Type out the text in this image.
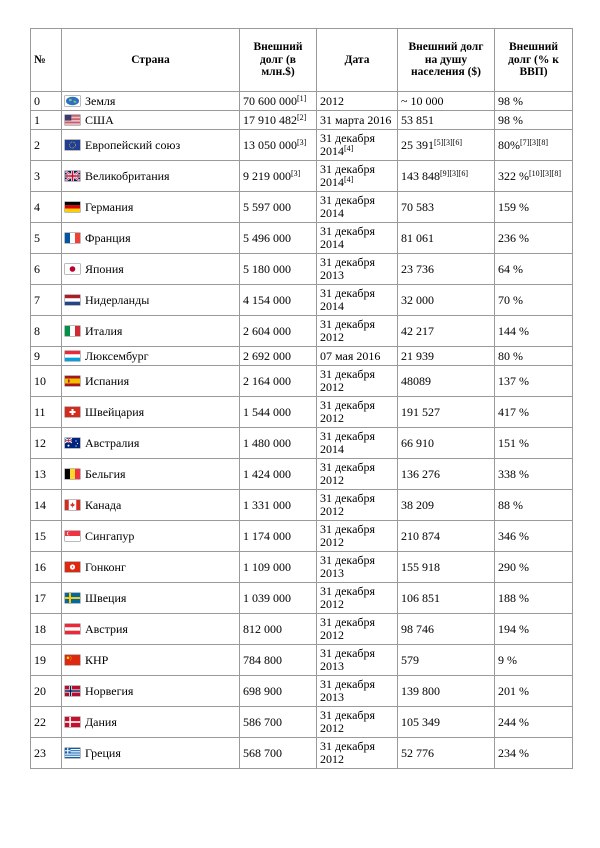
№	Страна	Внешний долг (в млн.$)	Дата	Внешний долг на душу населения ($)	Внешний долг (% к ВВП)
0	Земля	70 600 000[1]	2012	~ 10 000	98 %
1	США	17 910 482[2]	31 марта 2016	53 851	98 %
2	Европейский союз	13 050 000[3]	31 декабря 2014[4]	25 391[5][3][6]	80%[7][3][8]
3	Великобритания	9 219 000[3]	31 декабря 2014[4]	143 848[9][3][6]	322 %[10][3][8]
4	Германия	5 597 000	31 декабря 2014	70 583	159 %
5	Франция	5 496 000	31 декабря 2014	81 061	236 %
6	Япония	5 180 000	31 декабря 2013	23 736	64 %
7	Нидерланды	4 154 000	31 декабря 2014	32 000	70 %
8	Италия	2 604 000	31 декабря 2012	42 217	144 %
9	Люксембург	2 692 000	07 мая 2016	21 939	80 %
10	Испания	2 164 000	31 декабря 2012	48089	137 %
11	Швейцария	1 544 000	31 декабря 2012	191 527	417 %
12	Австралия	1 480 000	31 декабря 2014	66 910	151 %
13	Бельгия	1 424 000	31 декабря 2012	136 276	338 %
14	Канада	1 331 000	31 декабря 2012	38 209	88 %
15	Сингапур	1 174 000	31 декабря 2012	210 874	346 %
16	Гонконг	1 109 000	31 декабря 2013	155 918	290 %
17	Швеция	1 039 000	31 декабря 2012	106 851	188 %
18	Австрия	812 000	31 декабря 2012	98 746	194 %
19	КНР	784 800	31 декабря 2013	579	9 %
20	Норвегия	698 900	31 декабря 2013	139 800	201 %
22	Дания	586 700	31 декабря 2012	105 349	244 %
23	Греция	568 700	31 декабря 2012	52 776	234 %
